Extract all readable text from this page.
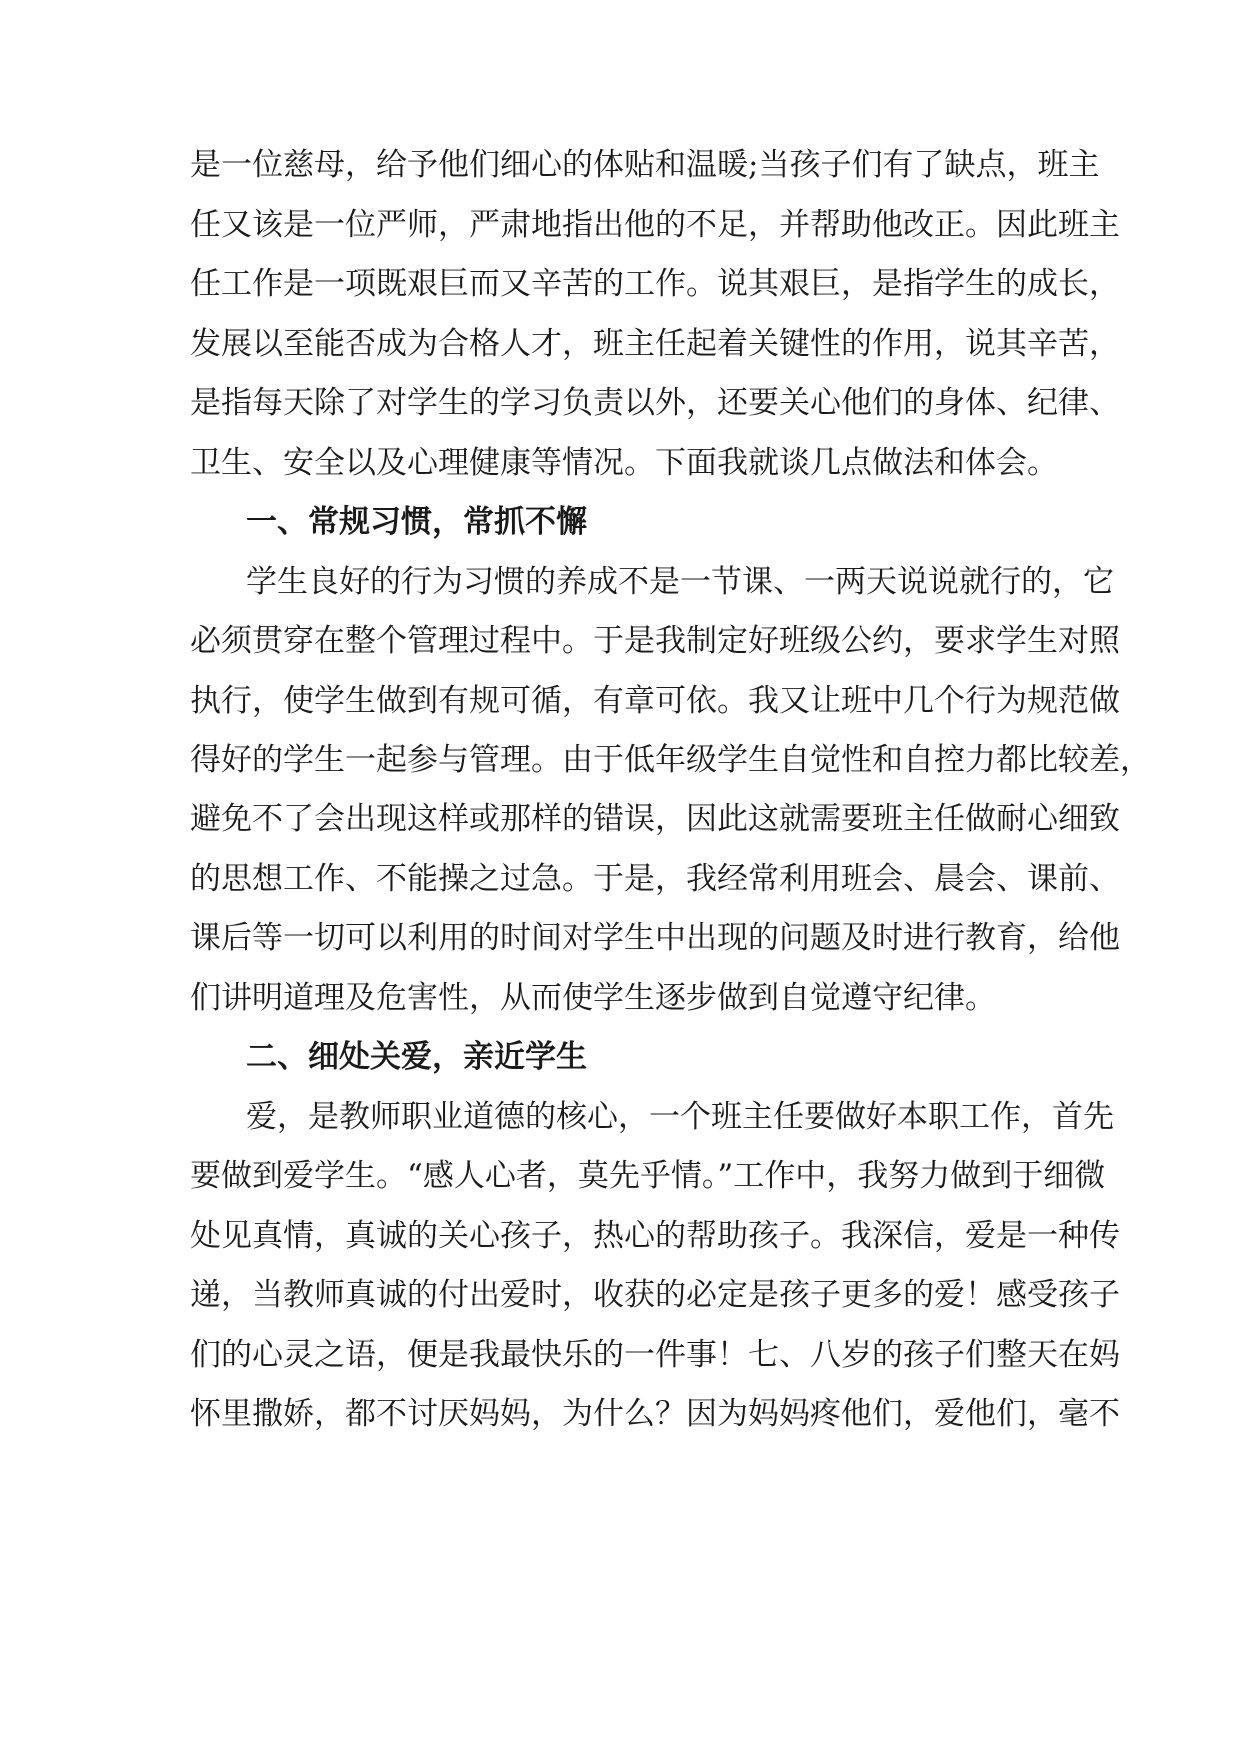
是一位慈母，给予他们细心的体贴和温暖;当孩子们有了缺点，班主
任又该是一位严师，严肃地指出他的不足，并帮助他改正。因此班主
任工作是一项既艰巨而又辛苦的工作。说其艰巨，是指学生的成长，
发展以至能否成为合格人才，班主任起着关键性的作用，说其辛苦，
是指每天除了对学生的学习负责以外，还要关心他们的身体、纪律、
卫生、安全以及心理健康等情况。下面我就谈几点做法和体会。
一、常规习惯，常抓不懈
学生良好的行为习惯的养成不是一节课、一两天说说就行的，它
必须贯穿在整个管理过程中。于是我制定好班级公约，要求学生对照
执行，使学生做到有规可循，有章可依。我又让班中几个行为规范做
得好的学生一起参与管理。由于低年级学生自觉性和自控力都比较差，
避免不了会出现这样或那样的错误，因此这就需要班主任做耐心细致
的思想工作、不能操之过急。于是，我经常利用班会、晨会、课前、
课后等一切可以利用的时间对学生中出现的问题及时进行教育，给他
们讲明道理及危害性，从而使学生逐步做到自觉遵守纪律。
二、细处关爱，亲近学生
爱，是教师职业道德的核心，一个班主任要做好本职工作，首先
要做到爱学生。“感人心者，莫先乎情。”工作中，我努力做到于细微
处见真情，真诚的关心孩子，热心的帮助孩子。我深信，爱是一种传
递，当教师真诚的付出爱时，收获的必定是孩子更多的爱！感受孩子
们的心灵之语，便是我最快乐的一件事！七、八岁的孩子们整天在妈
怀里撒娇，都不讨厌妈妈，为什么？因为妈妈疼他们，爱他们，毫不
